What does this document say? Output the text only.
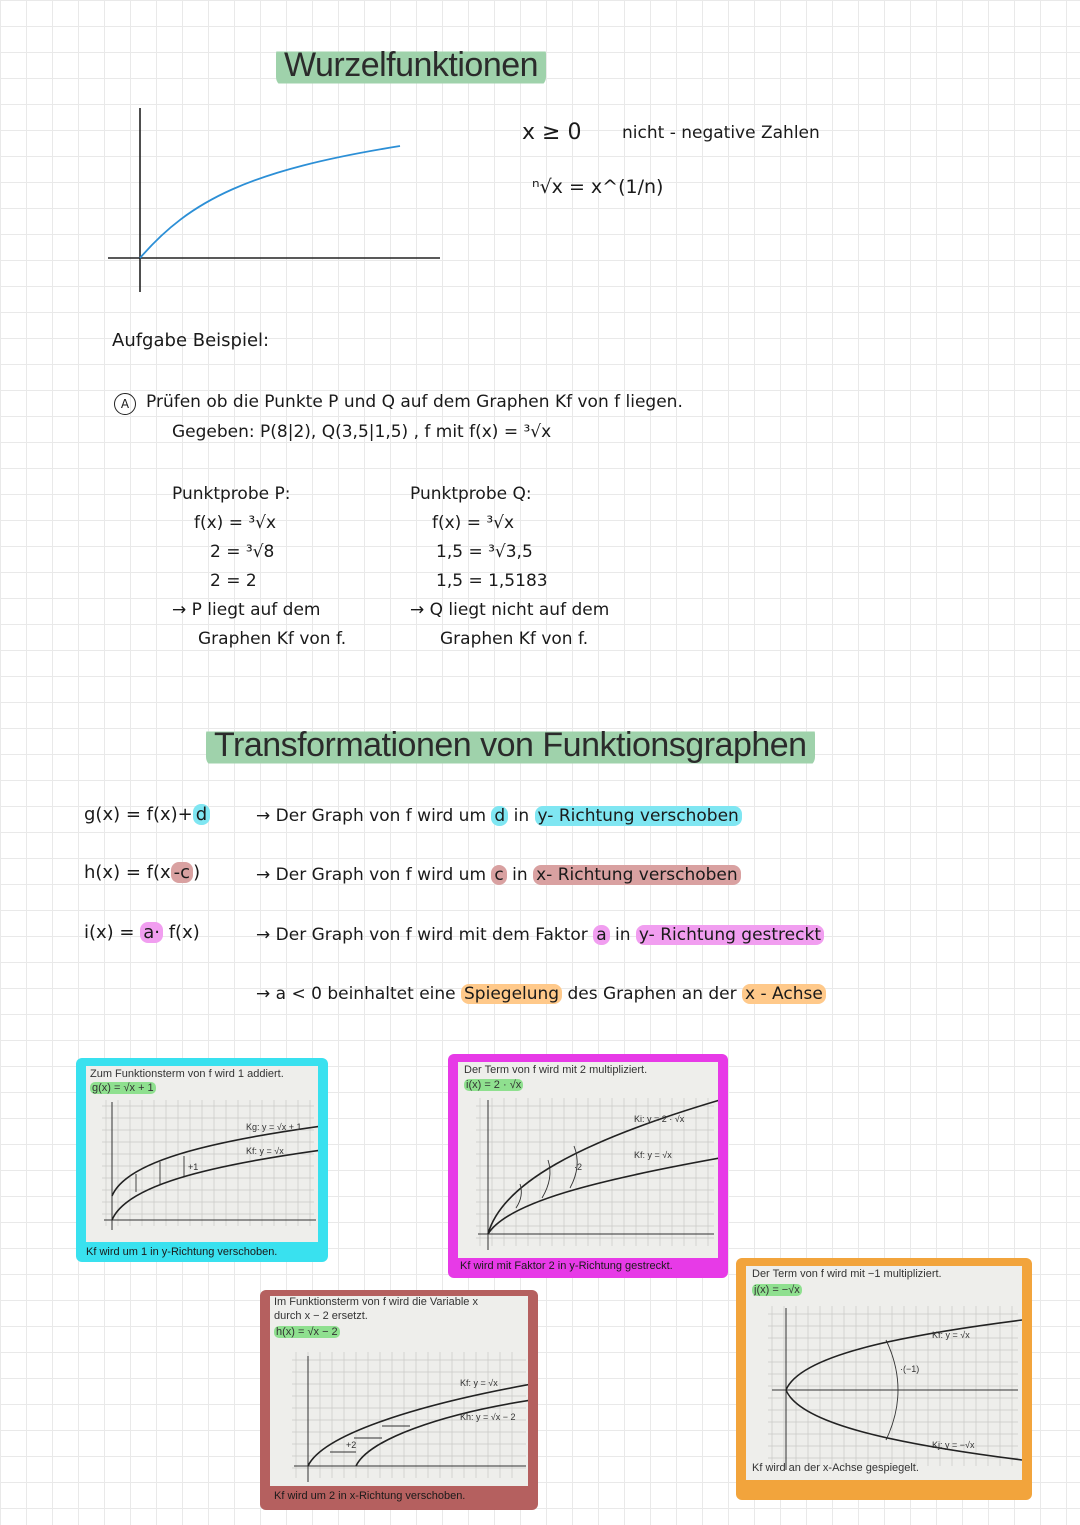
Wurzelfunktionen
x ≥ 0 nicht - negative Zahlen
ⁿ√x = x^(1/n)
Aufgabe Beispiel:
A Prüfen ob die Punkte P und Q auf dem Graphen Kf von f liegen.
Gegeben: P(8|2), Q(3,5|1,5) , f mit f(x) = ³√x
Punktprobe P:
f(x) = ³√x
2 = ³√8
2 = 2
→ P liegt auf dem
Graphen Kf von f.
Punktprobe Q:
f(x) = ³√x
1,5 = ³√3,5
1,5 = 1,5183
→ Q liegt nicht auf dem
Graphen Kf von f.
Transformationen von Funktionsgraphen
g(x) = f(x)+ d	→ Der Graph von f wird um d in y- Richtung verschoben
h(x) = f(x -c )	→ Der Graph von f wird um c in x- Richtung verschoben
i(x) = a· f(x)	→ Der Graph von f wird mit dem Faktor a in y- Richtung gestreckt
→ a < 0 beinhaltet eine Spiegelung des Graphen an der x - Achse
Zum Funktionsterm von f wird 1 addiert.
g(x) = √x + 1
Kg: y = √x + 1
Kf: y = √x
+1
Kf wird um 1 in y-Richtung verschoben.
Der Term von f wird mit 2 multipliziert.
i(x) = 2 · √x
Ki: y = 2 · √x
Kf: y = √x
·2
Kf wird mit Faktor 2 in y-Richtung gestreckt.
Im Funktionsterm von f wird die Variable x
durch x − 2 ersetzt.
h(x) = √x − 2
Kf: y = √x
Kh: y = √x − 2
+2
Kf wird um 2 in x-Richtung verschoben.
Der Term von f wird mit −1 multipliziert.
j(x) = −√x
Kf: y = √x
·(−1)
Kj: y = −√x
Kf wird an der x-Achse gespiegelt.
